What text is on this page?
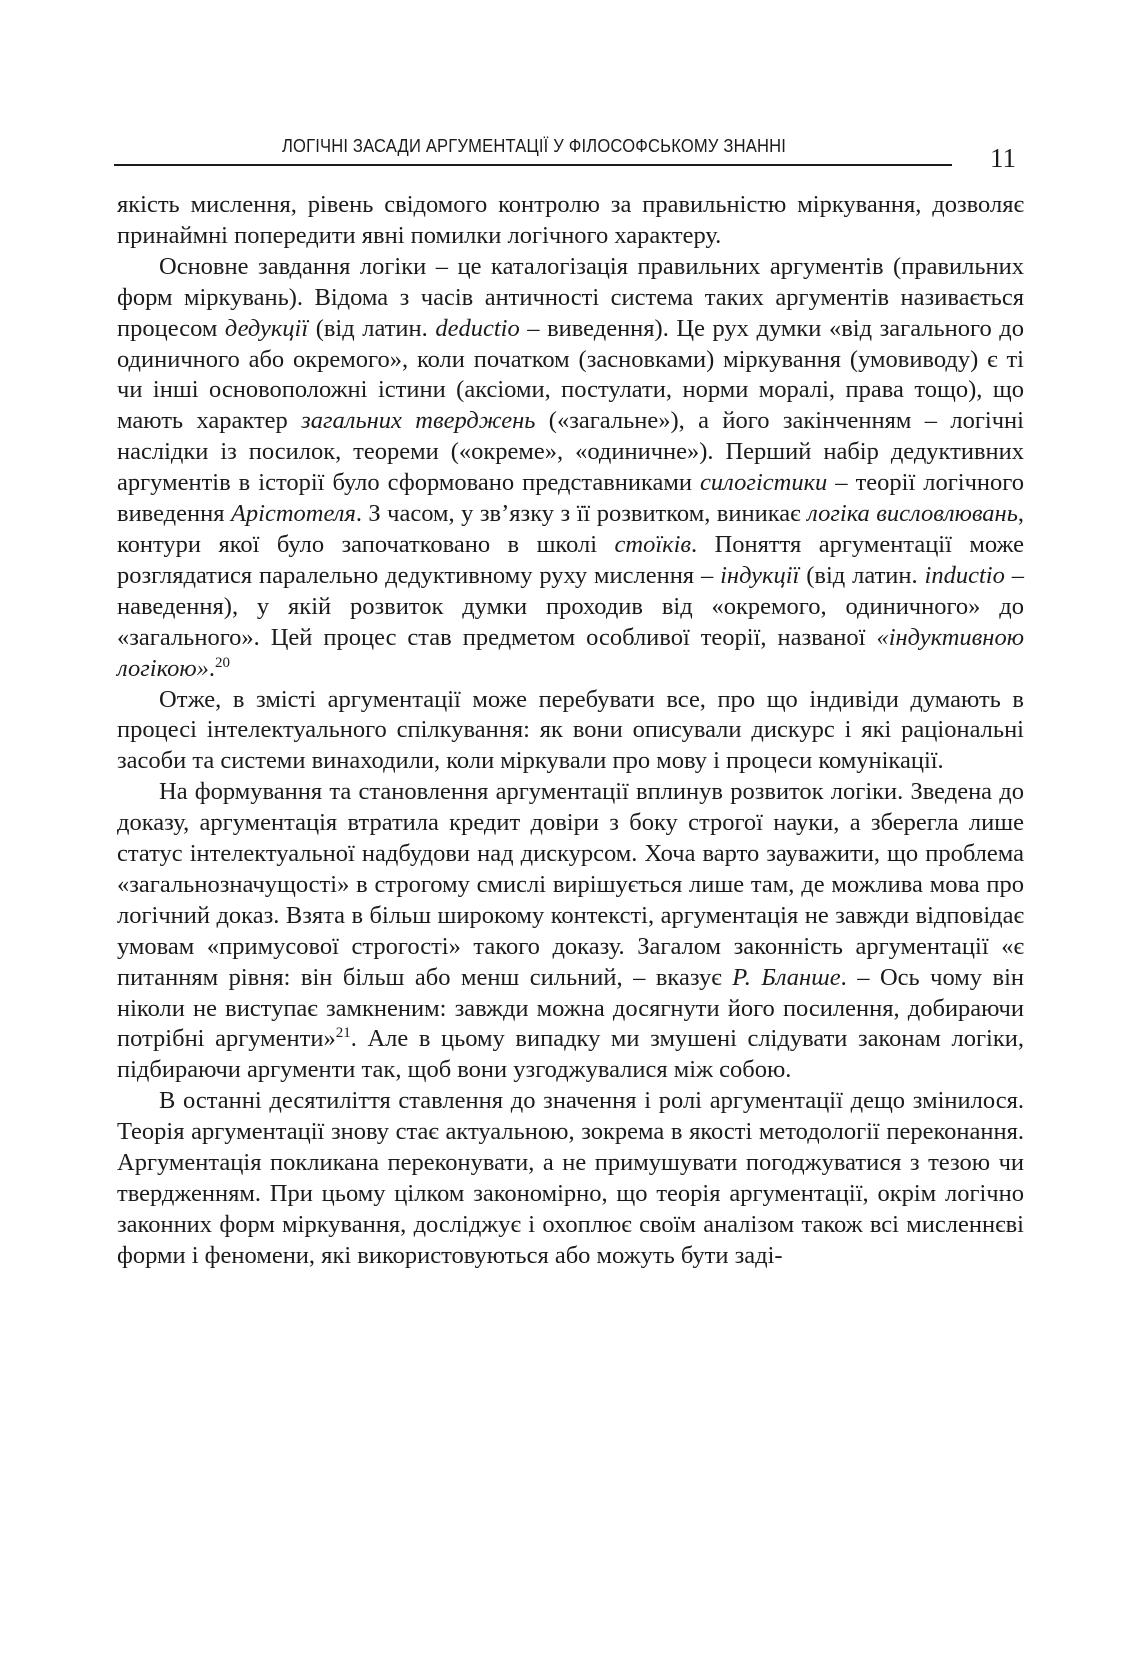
ЛОГІЧНІ ЗАСАДИ АРГУМЕНТАЦІЇ У ФІЛОСОФСЬКОМУ ЗНАННІ	11

якість мислення, рівень свідомого контролю за правильністю міркування, дозволяє принаймні попередити явні помилки логічного характеру.

Основне завдання логіки – це каталогізація правильних аргументів (правильних форм міркувань). Відома з часів античності система таких аргументів називається процесом дедукції (від латин. deductio – виведення). Це рух думки «від загального до одиничного або окремого», коли початком (засновками) міркування (умовиводу) є ті чи інші основоположні істини (аксіоми, постулати, норми моралі, права тощо), що мають характер загальних тверджень («загальне»), а його закінченням – логічні наслідки із посилок, теореми («окреме», «одиничне»). Перший набір дедуктивних аргументів в історії було сформовано представниками силогістики – теорії логічного виведення Арістотеля. З часом, у зв’язку з її розвитком, виникає логіка висловлювань, контури якої було започатковано в школі стоїків. Поняття аргументації може розглядатися паралельно дедуктивному руху мислення – індукції (від латин. inductio – наведення), у якій розвиток думки проходив від «окремого, одиничного» до «загального». Цей процес став предметом особливої теорії, названої «індуктивною логікою».$^{20}$

Отже, в змісті аргументації може перебувати все, про що індивіди думають в процесі інтелектуального спілкування: як вони описували дискурс і які раціональні засоби та системи винаходили, коли міркували про мову і процеси комунікації.

На формування та становлення аргументації вплинув розвиток логіки. Зведена до доказу, аргументація втратила кредит довіри з боку строгої науки, а зберегла лише статус інтелектуальної надбудови над дискурсом. Хоча варто зауважити, що проблема «загальнозначущості» в строгому смислі вирішується лише там, де можлива мова про логічний доказ. Взята в більш широкому контексті, аргументація не завжди відповідає умовам «примусової строгості» такого доказу. Загалом законність аргументації «є питанням рівня: він більш або менш сильний, – вказує Р. Бланше. – Ось чому він ніколи не виступає замкненим: завжди можна досягнути його посилення, добираючи потрібні аргументи»$^{21}$. Але в цьому випадку ми змушені слідувати законам логіки, підбираючи аргументи так, щоб вони узгоджувалися між собою.

В останні десятиліття ставлення до значення і ролі аргументації дещо змінилося. Теорія аргументації знову стає актуальною, зокрема в якості методології переконання. Аргументація покликана переконувати, а не примушувати погоджуватися з тезою чи твердженням. При цьому цілком закономірно, що теорія аргументації, окрім логічно законних форм міркування, досліджує і охоплює своїм аналізом також всі мисленнєві форми і феномени, які використовуються або можуть бути заді-
